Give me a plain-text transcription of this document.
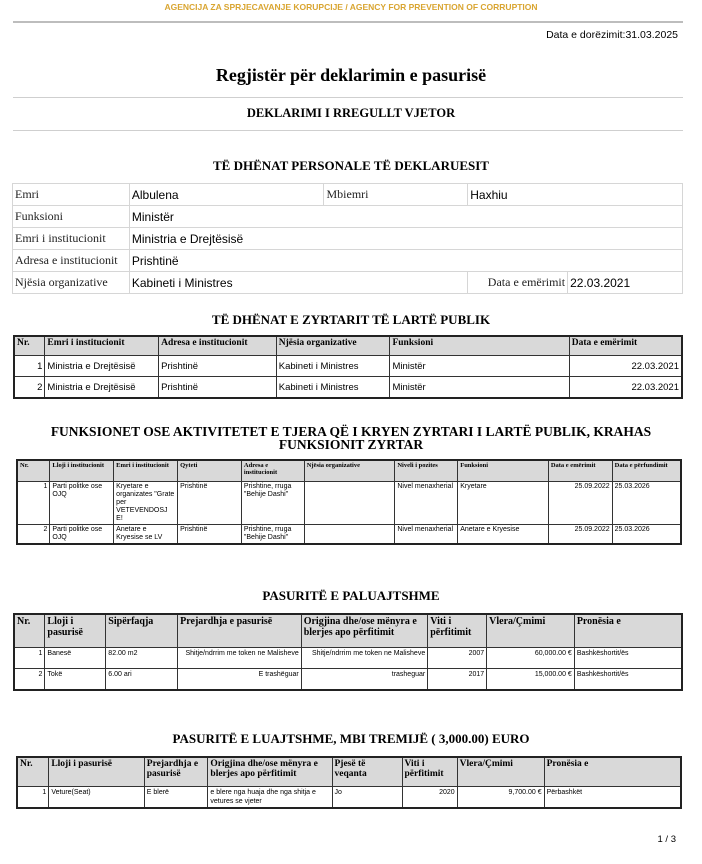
AGENCIJA ZA SPRJECAVANJE KORUPCIJE / AGENCY FOR PREVENTION OF CORRUPTION
Data e dorëzimit:31.03.2025
Regjistër për deklarimin e pasurisë
DEKLARIMI I RREGULLT VJETOR
TË DHËNAT PERSONALE TË DEKLARUESIT
Emri	Albulena	Mbiemri	Haxhiu	
Funksioni	Ministër			
Emri i institucionit	Ministria e Drejtësisë			
Adresa e institucionit	Prishtinë			
Njësia organizative	Kabineti i Ministres		Data e emërimit	22.03.2021
TË DHËNAT E ZYRTARIT TË LARTË PUBLIK
Nr.	Emri i institucionit	Adresa e institucionit	Njësia organizative	Funksioni	Data e emërimit
1	Ministria e Drejtësisë	Prishtinë	Kabineti i Ministres	Ministër	22.03.2021
2	Ministria e Drejtësisë	Prishtinë	Kabineti i Ministres	Ministër	22.03.2021
FUNKSIONET OSE AKTIVITETET E TJERA QË I KRYEN ZYRTARI I LARTË PUBLIK, KRAHAS FUNKSIONIT ZYRTAR
Nr.	Lloji i institucionit	Emri i institucionit	Qyteti	Adresa e institucionit	Njësia organizative	Niveli i pozites	Funksioni	Data e emërimit	Data e përfundimit
1	Parti politke ose OJQ	Kryetare e organizates "Grate per VETEVENDOSJ E!	Prishtinë	Prishtine, rruga "Behije Dashi"		Nivel menaxherial	Kryetare	25.09.2022	25.03.2026
2	Parti politke ose OJQ	Anetare e Kryesise se LV	Prishtinë	Prishtine, rruga "Behije Dashi"		Nivel menaxherial	Anetare e Kryesise	25.09.2022	25.03.2026
PASURITË E PALUAJTSHME
Nr.	Lloji i pasurisë	Sipërfaqja	Prejardhja e pasurisë	Origjina dhe/ose mënyra e blerjes apo përfitimit	Viti i përfitimit	Vlera/Çmimi	Pronësia e
1	Banesë	82.00 m2	Shitje/ndrrim me token ne Malisheve	Shitje/ndrrim me token ne Malisheve	2007	60,000.00 €	Bashkëshortit/ës
2	Tokë	6.00 ari	E trashëguar	trasheguar	2017	15,000.00 €	Bashkëshortit/ës
PASURITË E LUAJTSHME, MBI TREMIJË ( 3,000.00) EURO
Nr.	Lloji i pasurisë	Prejardhja e pasurisë	Origjina dhe/ose mënyra e blerjes apo përfitimit	Pjesë të veqanta	Viti i përfitimit	Vlera/Çmimi	Pronësia e
1	Veture(Seat)	E blerë	e blere nga huaja dhe nga shitja e vetures se vjeter	Jo	2020	9,700.00 €	Përbashkët
1 / 3
